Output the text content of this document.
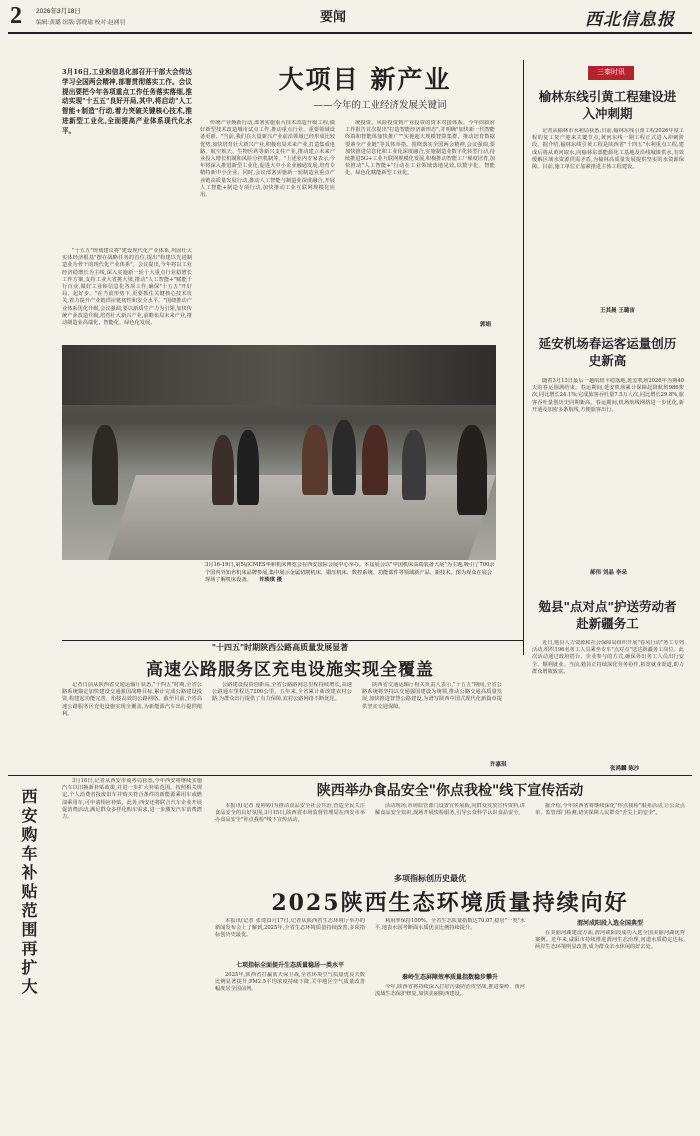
2 2026年3月18日
编辑:黄璐 组版:郭晓瑜 校对:赵涵羽	要闻	西北信息报
3月16日,工业和信息化部召开干部大会传达学习全国两会精神,部署贯彻落实工作。会议提出要把今年各项重点工作任务落实落细,推动实现"十五五"良好开局,其中,将启动"人工智能+制造"行动,着力突破关键核心技术,推进新型工业化,全面提高产业体系现代化水平。
大项目 新产业
——今年的工业经济发展关键词

"十五五"规划建议将"建设现代化产业体系,巩固壮大实体经济根基"摆在战略任务的首位,提出"构建以先进制造业为骨干的现代化产业体系"。会议提出,今年将以工业经济稳增长为主线,深入实施新一轮十大重点行业稳增长工作方案,支持工业大省挑大梁,推动"人工智能+"赋能千行百业,做好工业和信息化各项工作,确保"十五五"开好局、起好步。"在当前形势下,更要抓住关键核心技术攻关,着力提升产业链供应链韧性和安全水平。"围绕推动产业体系优化升级,会议强调,要以新质生产力为引领,加快传统产业改造升级,培育壮大新兴产业,前瞻布局未来产业,推动制造业高端化、智能化、绿色化发展。

传统产业焕新行动,部署实施重大技术改造升级工程,做好新型技术改造城市试点工作,推动重点行业、重要领域设备更新。"当前,我们在大量新兴产业前沿领域已经形成比较优势,加快培育壮大新兴产业,积极布局未来产业,打造集成电路、航空航天、生物医药等新兴支柱产业,推动建立未来产业投入增长机制和风险分担机制等。"上述业内专家表示,今年将深入推进新型工业化,促进大中小企业融通发展,培育专精特新中小企业。同时,会议部署实施新一轮制造业重点产业链高质量发展行动,推动人工智能与制造业深度融合,开展人工智能+制造专项行动,加快推动工业互联网规模化应用。

统投资、风险投资到产业投资的资本对接体系。今年的政府工作报告首次提出"打造智能经济新形态",并明确"加快新一代智能终端和智能体加快推广""实施超大规模智算集群、推动培育数据要素全产业链"等具体举措。围绕落实全国两会精神,会议强调,要加快推进信息化和工业化深度融合,实施制造业数字化转型行动,持续推进5G+工业互联网规模化发展,积极推动智能工厂梯度培育,加快推动"人工智能+"行动在工业领域落地见效,以数字化、智能化、绿色化赋能新型工业化。

郭娟
3月16-19日,第5届CMES华和机床博览会在西安国际会展中心举办。本届展会以"中国机床高端装备大展"为主题,吸引了700余个国内外知名机床品牌参展,集中展示金属切削机床、锻压机床、数控系统、功能部件等领域新产品、新技术。图为观众在展会现场了解机床设备。 许琰琪 摄
三秦时讯
榆林东线引黄工程建设进入冲刺期

记者从榆林市水利局获悉:日前,榆林东线引黄工程2026年度工程的复工复产迎来关键节点,黄河东线一期工程正式进入冲刺阶段。据介绍,榆林东线引黄工程是陕西省"十四五"水利重点工程,建成后将从黄河取水,向榆林东部能源化工基地及沿线城镇供水,有效缓解区域水资源供需矛盾,为榆林高质量发展提供坚实的水资源保障。目前,施工单位正加紧推进主体工程建设。

王其晨 王璐宙
延安机场春运客运量创历史新高

随着3月13日最后一趟航班平稳落地,延安机场2026年为期40天的春运圆满结束。春运期间,延安机场累计保障起降航班986架次,同比增长24.1%;完成旅客吞吐量7.5万人次,同比增长29.8%,旅客吞吐量创历史同期新高。春运期间,机场航线网络进一步优化,新开通及加密多条航线,方便旅客出行。

郝伟 刘晶 李朵
勉县"点对点"护送劳动者赴新疆务工

近日,勉县人力资源和社会保障局组织开展"春风行动"务工专列活动,组织196名务工人员乘坐专车"点对点"送达新疆务工岗位。此次活动通过政府搭台、企业参与的方式,确保外出务工人员出行安全、顺利就业。当前,勉县正持续深化劳务协作,拓宽就业渠道,助力群众增收致富。

张鸿麟 陈沙
"十四五"时期陕西公路高质量发展显著
高速公路服务区充电设施实现全覆盖

记者日前从陕西省交通运输厅获悉,"十四五"时期,全省公路系统锚定加快建设交通强国战略目标,累计完成公路建设投资,构建起功能完善、衔接高效的公路网络。截至目前,全省高速公路服务区充电设施实现全覆盖,为新能源汽车出行提供便利。

公路建设投资创新高,全省公路路网总里程持续增长,高速公路通车里程达7200公里。五年来,全省累计新改建农村公路,为群众出行提供了有力保障,农村公路网络不断优化。

陕西省交通运输厅相关负责人表示,"十五五"期间,全省公路系统将坚持以交通强国建设为统领,推动公路交通高质量发展,加快推进智慧公路建设,为谱写陕西中国式现代化新篇章提供坚实交通保障。

许嘉琪
西安购车补贴范围再扩大

3月16日,记者从西安市商务局获悉,今年西安将继续实施汽车以旧换新补贴政策,并进一步扩大补贴范围。按照相关规定,个人消费者报废旧车并购买符合条件的新能源乘用车或燃油乘用车,可申请相应补贴。此外,西安还将联合汽车企业开展促消费活动,满足群众多样化购车需求,进一步激发汽车消费潜力。

陕西举办食品安全"你点我检"线下宣传活动

本报讯(记者 庞婷婷)为推动食品安全社会共治,营造全民关注食品安全的良好氛围,3月15日,陕西省市场监督管理局在西安市举办食品安全"你点我检"线下宣传活动。

活动现场,市场监管部门设置宣传展板,向群众发放宣传资料,讲解食品安全知识,现场开展快检服务,引导公众科学认识食品安全。

据介绍,今年陕西省将继续深化"你点我检"服务活动,让公众点单、监管部门检测,切实保障人民群众"舌尖上的安全"。

多项指标创历史最优
2025陕西生态环境质量持续向好

本报讯(记者 张琦)3月17日,记者从陕西省生态环境厅举办的新闻发布会上了解到,2025年,全省生态环境质量持续改善,多项指标创历史最优。

七项指标全面提升生态质量稳居一类水平

2025年,陕西省打赢蓝天保卫战,全省环境空气质量优良天数比例显著提升,PM2.5平均浓度持续下降,关中地区空气质量改善幅度居全国前列。

利用率保持100%。全省生态质量指数达70.07,稳居"一类"水平,地表水国考断面水质优良比例持续提升。

秦岭生态屏障效率质量指数稳步攀升

今年,陕西省将持续深入打好污染防治攻坚战,推进秦岭、黄河流域生态保护修复,加快美丽陕西建设。

渭河成阳段入选全国典型

在美丽河湖建设方面,渭河咸阳段成功入选全国美丽河湖优秀案例。近年来,咸阳市持续推进渭河生态治理,河道水质稳定达标,两岸生态环境明显改善,成为群众亲水休闲的好去处。
